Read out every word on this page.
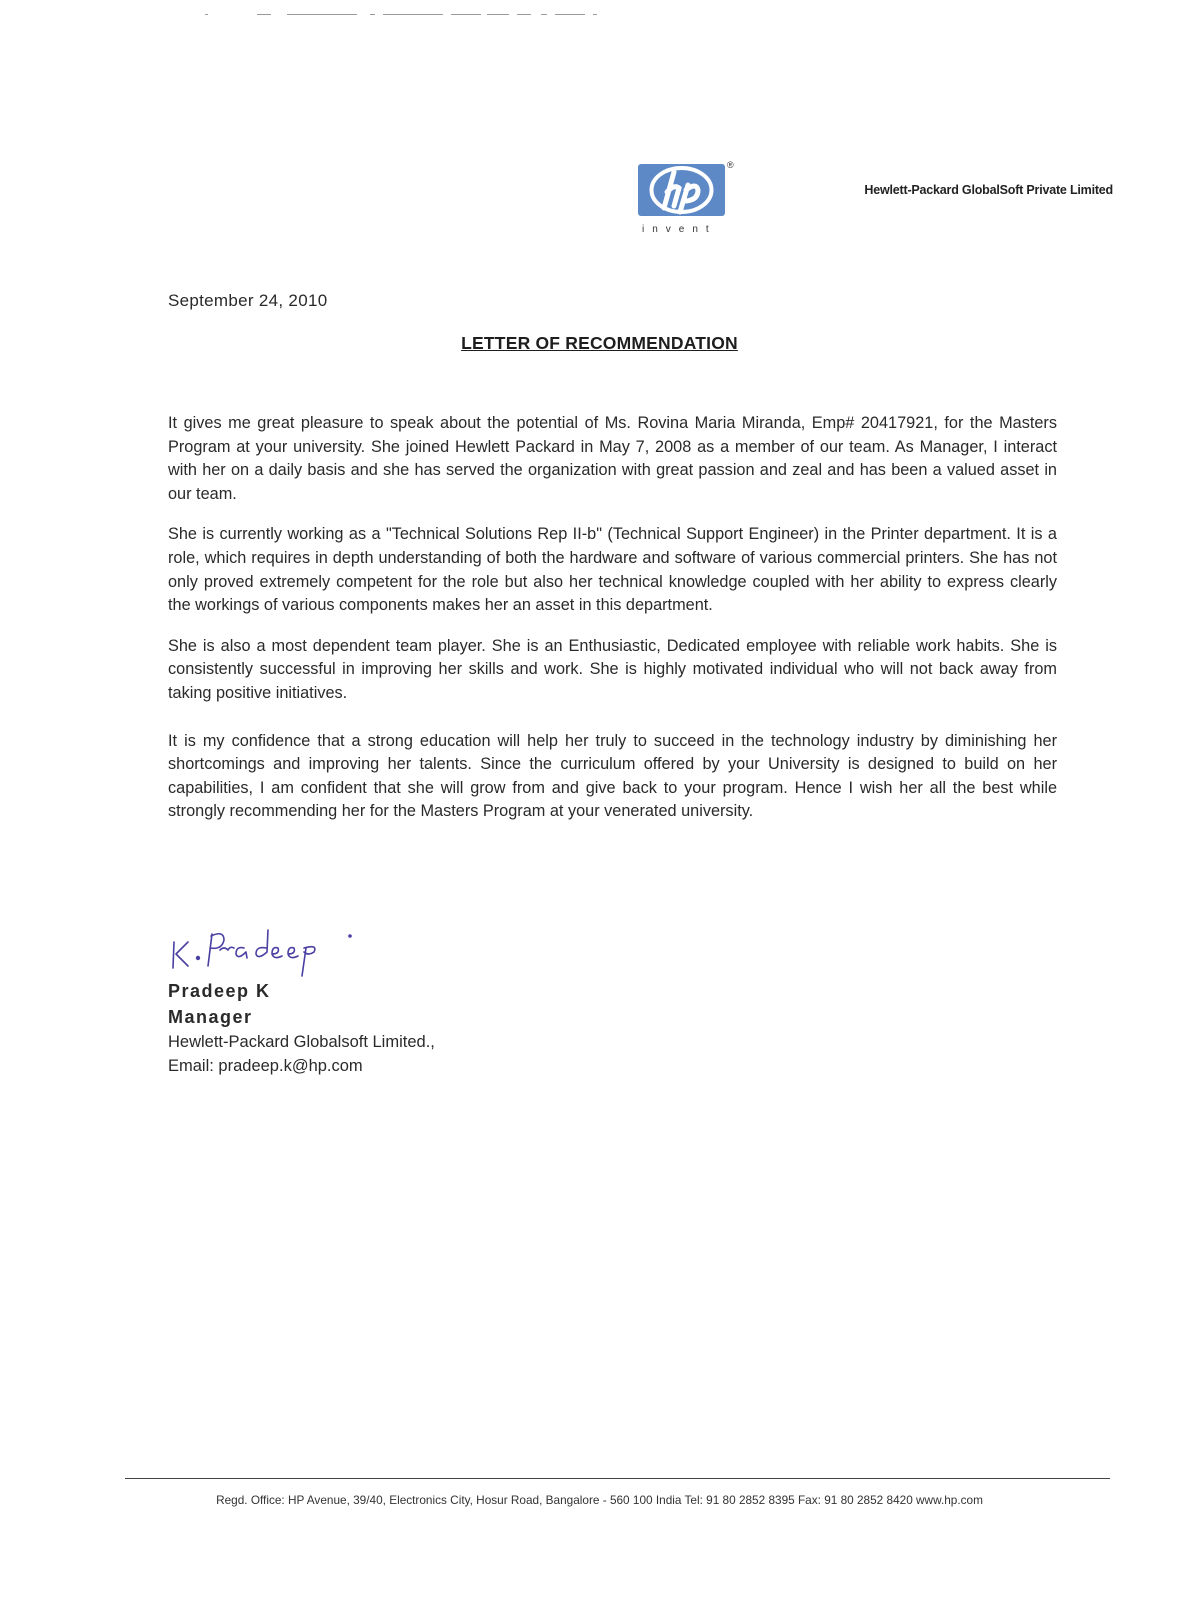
®
invent
Hewlett-Packard GlobalSoft Private Limited
September 24, 2010
LETTER OF RECOMMENDATION

It gives me great pleasure to speak about the potential of Ms. Rovina Maria Miranda, Emp# 20417921, for the Masters Program at your university. She joined Hewlett Packard in May 7, 2008 as a member of our team. As Manager, I interact with her on a daily basis and she has served the organization with great passion and zeal and has been a valued asset in our team.

She is currently working as a "Technical Solutions Rep II-b" (Technical Support Engineer) in the Printer department. It is a role, which requires in depth understanding of both the hardware and software of various commercial printers. She has not only proved extremely competent for the role but also her technical knowledge coupled with her ability to express clearly the workings of various components makes her an asset in this department.

She is also a most dependent team player. She is an Enthusiastic, Dedicated employee with reliable work habits. She is consistently successful in improving her skills and work. She is highly motivated individual who will not back away from taking positive initiatives.

It is my confidence that a strong education will help her truly to succeed in the technology industry by diminishing her shortcomings and improving her talents. Since the curriculum offered by your University is designed to build on her capabilities, I am confident that she will grow from and give back to your program. Hence I wish her all the best while strongly recommending her for the Masters Program at your venerated university.

Pradeep K
Manager
Hewlett-Packard Globalsoft Limited.,
Email: pradeep.k@hp.com
Regd. Office: HP Avenue, 39/40, Electronics City, Hosur Road, Bangalore - 560 100 India Tel: 91 80 2852 8395 Fax: 91 80 2852 8420 www.hp.com
